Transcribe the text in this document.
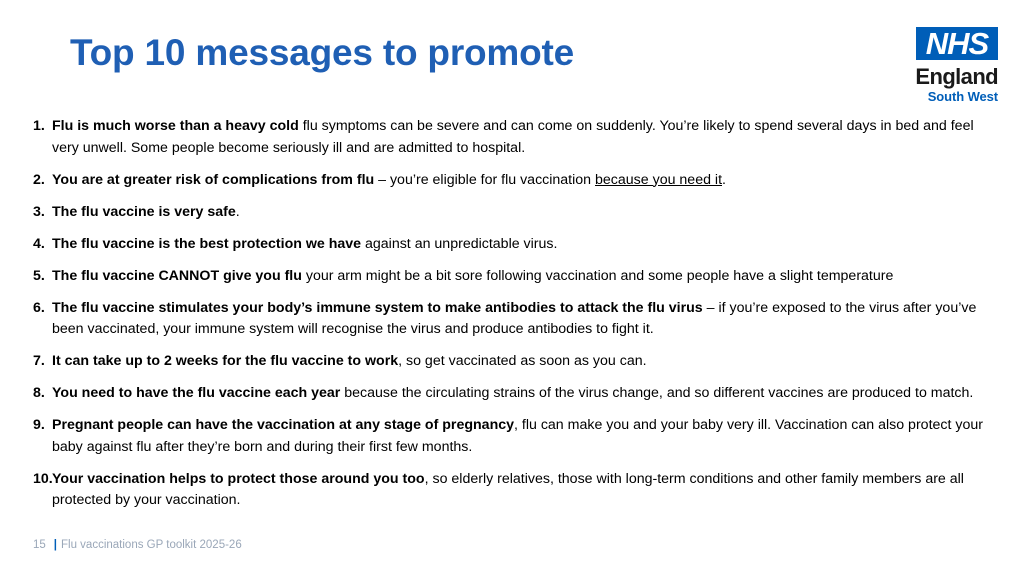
Top 10 messages to promote	NHS
England
South West
1. Flu is much worse than a heavy cold flu symptoms can be severe and can come on suddenly. You’re likely to spend several days in bed and feel very unwell. Some people become seriously ill and are admitted to hospital.
2. You are at greater risk of complications from flu – you’re eligible for flu vaccination because you need it.
3. The flu vaccine is very safe.
4. The flu vaccine is the best protection we have against an unpredictable virus.
5. The flu vaccine CANNOT give you flu your arm might be a bit sore following vaccination and some people have a slight temperature
6. The flu vaccine stimulates your body’s immune system to make antibodies to attack the flu virus – if you’re exposed to the virus after you’ve been vaccinated, your immune system will recognise the virus and produce antibodies to fight it.
7. It can take up to 2 weeks for the flu vaccine to work, so get vaccinated as soon as you can.
8. You need to have the flu vaccine each year because the circulating strains of the virus change, and so different vaccines are produced to match.
9. Pregnant people can have the vaccination at any stage of pregnancy, flu can make you and your baby very ill. Vaccination can also protect your baby against flu after they’re born and during their first few months.
10. Your vaccination helps to protect those around you too, so elderly relatives, those with long-term conditions and other family members are all protected by your vaccination.
15 | Flu vaccinations GP toolkit 2025-26
